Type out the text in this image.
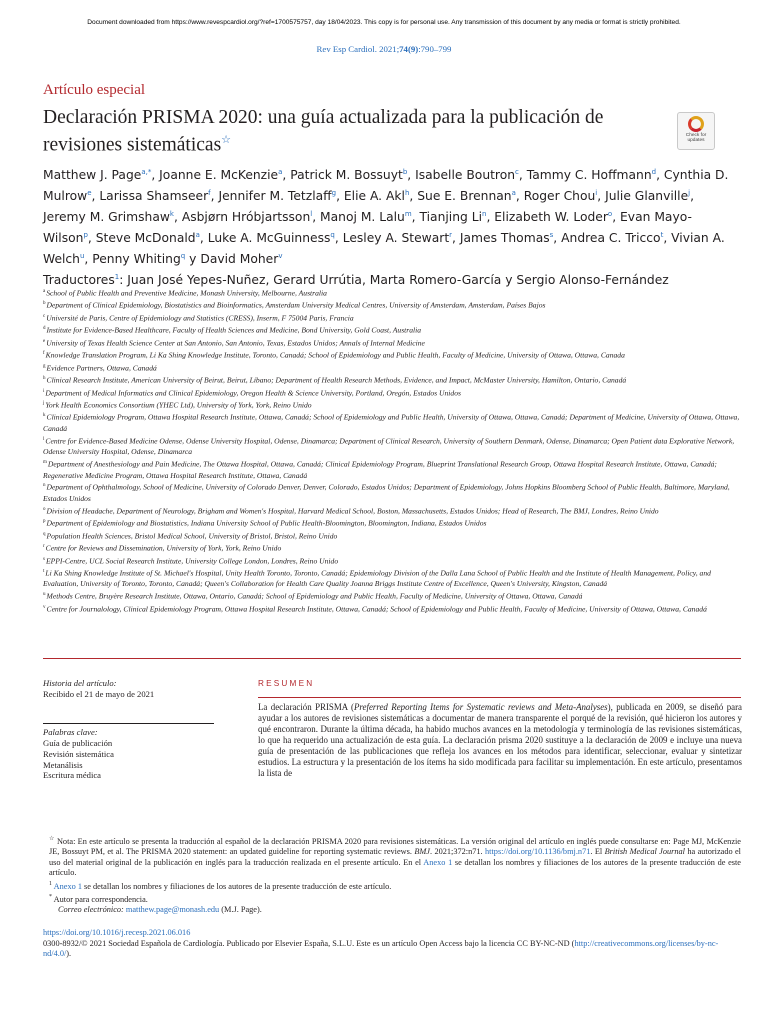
Document downloaded from https://www.revespcardiol.org/?ref=1700575757, day 18/04/2023. This copy is for personal use. Any transmission of this document by any media or format is strictly prohibited.
Rev Esp Cardiol. 2021;74(9):790–799
Artículo especial
Declaración PRISMA 2020: una guía actualizada para la publicación de revisiones sistemáticas☆	Check for
updates
Matthew J. Page$^{a,*}$, Joanne E. McKenzie$^a$, Patrick M. Bossuyt$^b$, Isabelle Boutron$^c$, Tammy C. Hoffmann$^d$, Cynthia D. Mulrow$^e$, Larissa Shamseer$^f$, Jennifer M. Tetzlaff$^g$, Elie A. Akl$^h$, Sue E. Brennan$^a$, Roger Chou$^i$, Julie Glanville$^j$, Jeremy M. Grimshaw$^k$, Asbjørn Hróbjartsson$^l$, Manoj M. Lalu$^m$, Tianjing Li$^n$, Elizabeth W. Loder$^o$, Evan Mayo-Wilson$^p$, Steve McDonald$^a$, Luke A. McGuinness$^q$, Lesley A. Stewart$^r$, James Thomas$^s$, Andrea C. Tricco$^t$, Vivian A. Welch$^u$, Penny Whiting$^q$ y David Moher$^v$
Traductores$^1$: Juan José Yepes-Nuñez, Gerard Urrútia, Marta Romero-García y Sergio Alonso-Fernández
$^a$School of Public Health and Preventive Medicine, Monash University, Melbourne, Australia
$^b$Department of Clinical Epidemiology, Biostatistics and Bioinformatics, Amsterdam University Medical Centres, University of Amsterdam, Amsterdam, Países Bajos
$^c$Université de Paris, Centre of Epidemiology and Statistics (CRESS), Inserm, F 75004 Paris, Francia
$^d$Institute for Evidence-Based Healthcare, Faculty of Health Sciences and Medicine, Bond University, Gold Coast, Australia
$^e$University of Texas Health Science Center at San Antonio, San Antonio, Texas, Estados Unidos; Annals of Internal Medicine
$^f$Knowledge Translation Program, Li Ka Shing Knowledge Institute, Toronto, Canadá; School of Epidemiology and Public Health, Faculty of Medicine, University of Ottawa, Ottawa, Canada
$^g$Evidence Partners, Ottawa, Canadá
$^h$Clinical Research Institute, American University of Beirut, Beirut, Líbano; Department of Health Research Methods, Evidence, and Impact, McMaster University, Hamilton, Ontario, Canadá
$^i$Department of Medical Informatics and Clinical Epidemiology, Oregon Health & Science University, Portland, Oregón, Estados Unidos
$^j$York Health Economics Consortium (YHEC Ltd), University of York, York, Reino Unido
$^k$Clinical Epidemiology Program, Ottawa Hospital Research Institute, Ottawa, Canadá; School of Epidemiology and Public Health, University of Ottawa, Ottawa, Canadá; Department of Medicine, University of Ottawa, Ottawa, Canadá
$^l$Centre for Evidence-Based Medicine Odense, Odense University Hospital, Odense, Dinamarca; Department of Clinical Research, University of Southern Denmark, Odense, Dinamarca; Open Patient data Explorative Network, Odense University Hospital, Odense, Dinamarca
$^m$Department of Anesthesiology and Pain Medicine, The Ottawa Hospital, Ottawa, Canadá; Clinical Epidemiology Program, Blueprint Translational Research Group, Ottawa Hospital Research Institute, Ottawa, Canadá; Regenerative Medicine Program, Ottawa Hospital Research Institute, Ottawa, Canadá
$^n$Department of Ophthalmology, School of Medicine, University of Colorado Denver, Denver, Colorado, Estados Unidos; Department of Epidemiology, Johns Hopkins Bloomberg School of Public Health, Baltimore, Maryland, Estados Unidos
$^o$Division of Headache, Department of Neurology, Brigham and Women's Hospital, Harvard Medical School, Boston, Massachusetts, Estados Unidos; Head of Research, The BMJ, Londres, Reino Unido
$^p$Department of Epidemiology and Biostatistics, Indiana University School of Public Health-Bloomington, Bloomington, Indiana, Estados Unidos
$^q$Population Health Sciences, Bristol Medical School, University of Bristol, Bristol, Reino Unido
$^r$Centre for Reviews and Dissemination, University of York, York, Reino Unido
$^s$EPPI-Centre, UCL Social Research Institute, University College London, Londres, Reino Unido
$^t$Li Ka Shing Knowledge Institute of St. Michael's Hospital, Unity Health Toronto, Toronto, Canadá; Epidemiology Division of the Dalla Lana School of Public Health and the Institute of Health Management, Policy, and Evaluation, University of Toronto, Toronto, Canadá; Queen's Collaboration for Health Care Quality Joanna Briggs Institute Centre of Excellence, Queen's University, Kingston, Canadá
$^u$Methods Centre, Bruyère Research Institute, Ottawa, Ontario, Canadá; School of Epidemiology and Public Health, Faculty of Medicine, University of Ottawa, Ottawa, Canadá
$^v$Centre for Journalology, Clinical Epidemiology Program, Ottawa Hospital Research Institute, Ottawa, Canadá; School of Epidemiology and Public Health, Faculty of Medicine, University of Ottawa, Ottawa, Canadá
Historia del artículo:
Recibido el 21 de mayo de 2021
Palabras clave:
Guía de publicación
Revisión sistemática
Metanálisis
Escritura médica
RESUMEN
La declaración PRISMA (Preferred Reporting Items for Systematic reviews and Meta-Analyses), publicada en 2009, se diseñó para ayudar a los autores de revisiones sistemáticas a documentar de manera transparente el porqué de la revisión, qué hicieron los autores y qué encontraron. Durante la última década, ha habido muchos avances en la metodología y terminología de las revisiones sistemáticas, lo que ha requerido una actualización de esta guía. La declaración prisma 2020 sustituye a la declaración de 2009 e incluye una nueva guía de presentación de las publicaciones que refleja los avances en los métodos para identificar, seleccionar, evaluar y sintetizar estudios. La estructura y la presentación de los ítems ha sido modificada para facilitar su implementación. En este artículo, presentamos la lista de

☆ Nota: En este artículo se presenta la traducción al español de la declaración PRISMA 2020 para revisiones sistemáticas. La versión original del artículo en inglés puede consultarse en: Page MJ, McKenzie JE, Bossuyt PM, et al. The PRISMA 2020 statement: an updated guideline for reporting systematic reviews. BMJ. 2021;372:n71. https://doi.org/10.1136/bmj.n71. El British Medical Journal ha autorizado el uso del material original de la publicación en inglés para la traducción realizada en el presente artículo. En el Anexo 1 se detallan los nombres y filiaciones de los autores de la presente traducción de este artículo.

$^1$ Anexo 1 se detallan los nombres y filiaciones de los autores de la presente traducción de este artículo.

* Autor para correspondencia.

Correo electrónico: matthew.page@monash.edu (M.J. Page).

https://doi.org/10.1016/j.recesp.2021.06.016

0300-8932/© 2021 Sociedad Española de Cardiología. Publicado por Elsevier España, S.L.U. Este es un artículo Open Access bajo la licencia CC BY-NC-ND (http://creativecommons.org/licenses/by-nc-nd/4.0/).
